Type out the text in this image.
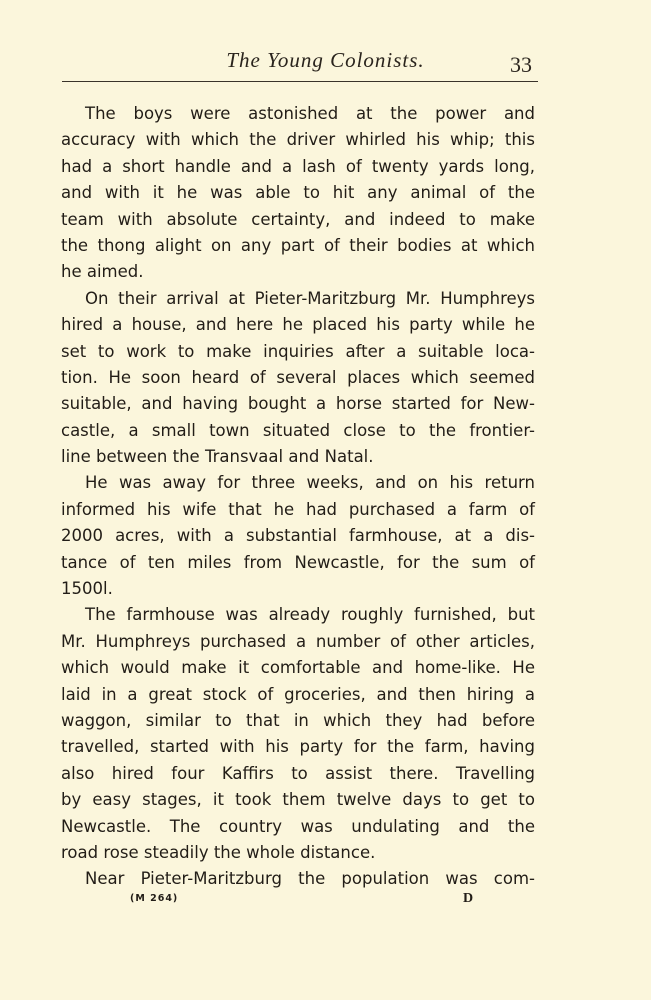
The Young Colonists.	33
The boys were astonished at the power and
accuracy with which the driver whirled his whip; this
had a short handle and a lash of twenty yards long,
and with it he was able to hit any animal of the
team with absolute certainty, and indeed to make
the thong alight on any part of their bodies at which
he aimed.
On their arrival at Pieter-Maritzburg Mr. Humphreys
hired a house, and here he placed his party while he
set to work to make inquiries after a suitable loca-
tion. He soon heard of several places which seemed
suitable, and having bought a horse started for New-
castle, a small town situated close to the frontier-
line between the Transvaal and Natal.
He was away for three weeks, and on his return
informed his wife that he had purchased a farm of
2000 acres, with a substantial farmhouse, at a dis-
tance of ten miles from Newcastle, for the sum of
1500l.
The farmhouse was already roughly furnished, but
Mr. Humphreys purchased a number of other articles,
which would make it comfortable and home-like. He
laid in a great stock of groceries, and then hiring a
waggon, similar to that in which they had before
travelled, started with his party for the farm, having
also hired four Kaffirs to assist there. Travelling
by easy stages, it took them twelve days to get to
Newcastle. The country was undulating and the
road rose steadily the whole distance.
Near Pieter-Maritzburg the population was com-
(M 264)	D
